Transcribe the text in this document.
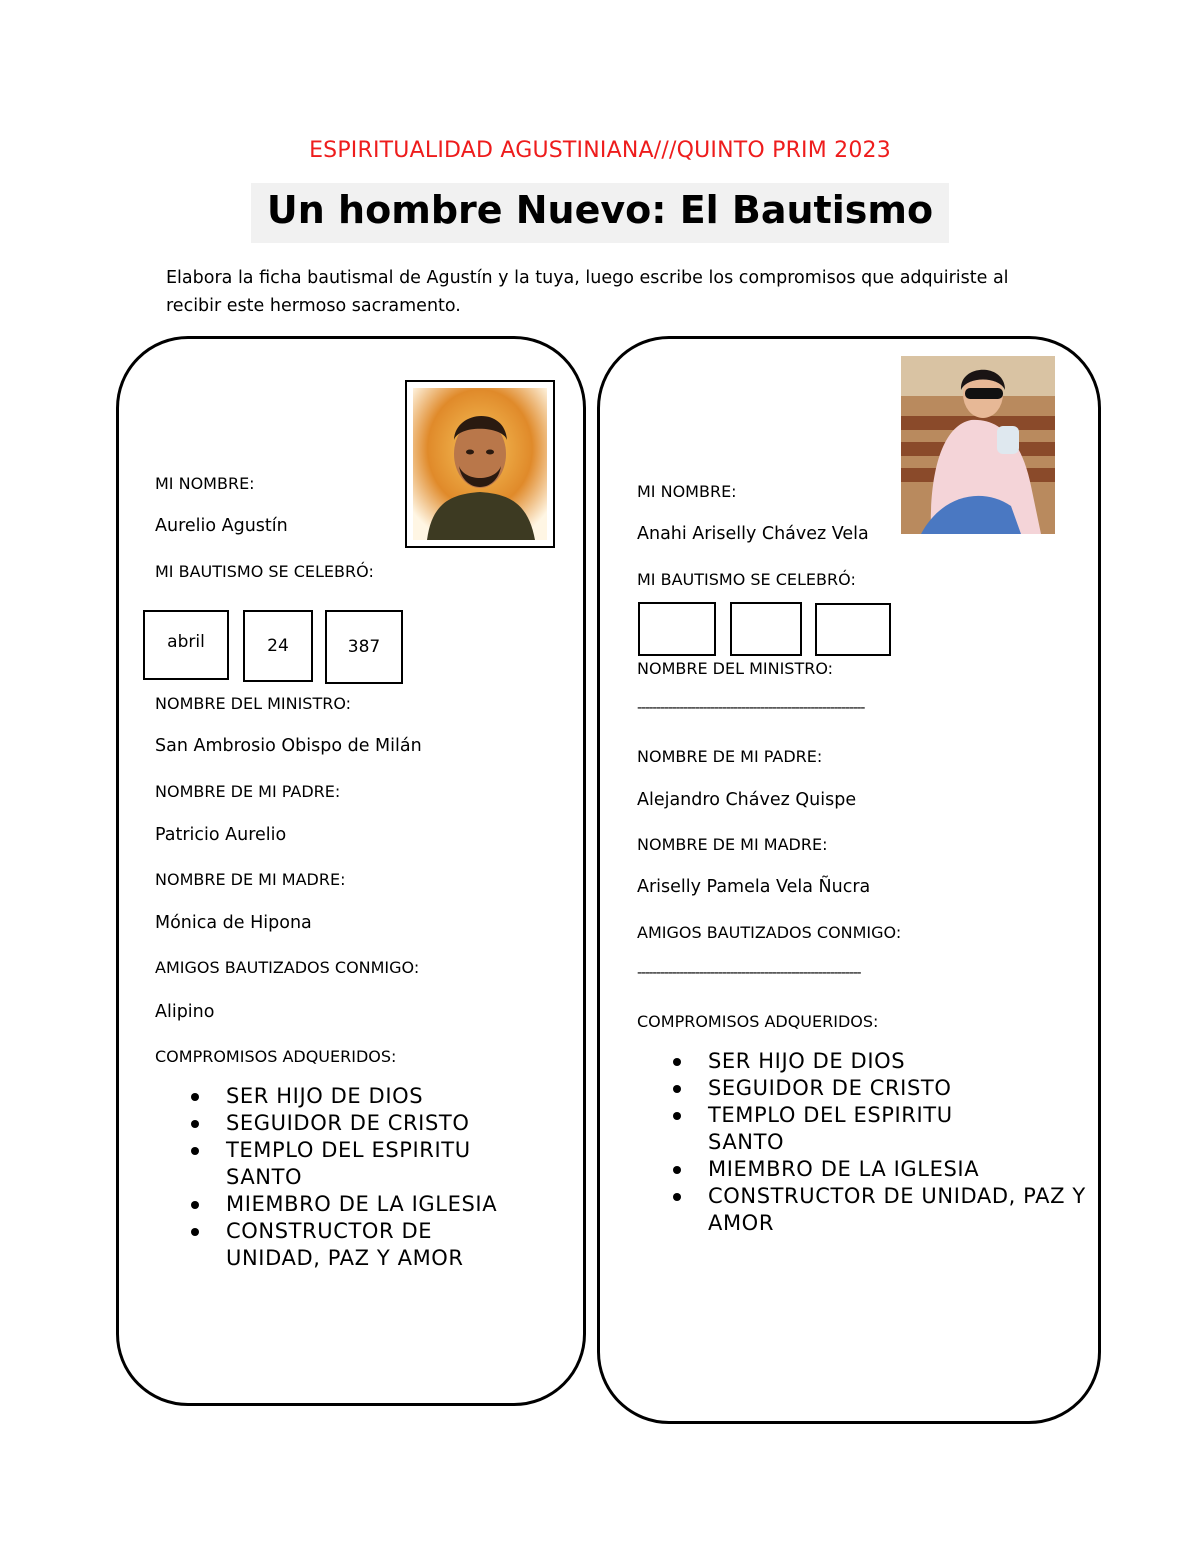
ESPIRITUALIDAD AGUSTINIANA///QUINTO PRIM 2023
Un hombre Nuevo: El Bautismo
Elabora la ficha bautismal de Agustín y la tuya, luego escribe los compromisos que adquiriste al recibir este hermoso sacramento.
MI NOMBRE:
Aurelio Agustín
MI BAUTISMO SE CELEBRÓ:
abril	24	387
NOMBRE DEL MINISTRO:
San Ambrosio Obispo de Milán
NOMBRE DE MI PADRE:
Patricio Aurelio
NOMBRE DE MI MADRE:
Mónica de Hipona
AMIGOS BAUTIZADOS CONMIGO:
Alipino
COMPROMISOS ADQUERIDOS:
SER HIJO DE DIOS
SEGUIDOR DE CRISTO
TEMPLO DEL ESPIRITU SANTO
MIEMBRO DE LA IGLESIA
CONSTRUCTOR DE UNIDAD, PAZ Y AMOR
MI NOMBRE:
Anahi Ariselly Chávez Vela
MI BAUTISMO SE CELEBRÓ:
NOMBRE DEL MINISTRO:
-----------------------------------------------------------
NOMBRE DE MI PADRE:
Alejandro Chávez Quispe
NOMBRE DE MI MADRE:
Ariselly Pamela Vela Ñucra
AMIGOS BAUTIZADOS CONMIGO:
----------------------------------------------------------
COMPROMISOS ADQUERIDOS:
SER HIJO DE DIOS
SEGUIDOR DE CRISTO
TEMPLO DEL ESPIRITU SANTO
MIEMBRO DE LA IGLESIA
CONSTRUCTOR DE UNIDAD, PAZ Y AMOR
